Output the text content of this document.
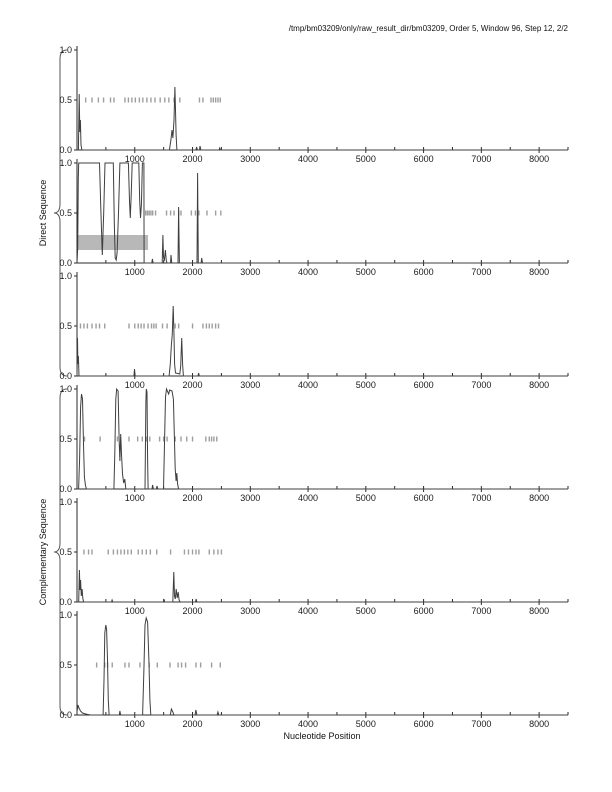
/tmp/bm03209/only/raw_result_dir/bm03209, Order 5, Window 96, Step 12, 2/2
Direct Sequence
Complementary Sequence
Nucleotide Position
1.0
0.5
0.0
1000	2000	3000	4000	5000	6000	7000	8000
1.0
0.5
0.0
1000	2000	3000	4000	5000	6000	7000	8000
1.0
0.5
0.0
1000	2000	3000	4000	5000	6000	7000	8000
1.0
0.5
0.0
1000	2000	3000	4000	5000	6000	7000	8000
1.0
0.5
0.0
1000	2000	3000	4000	5000	6000	7000	8000
1.0
0.5
0.0
1000	2000	3000	4000	5000	6000	7000	8000
